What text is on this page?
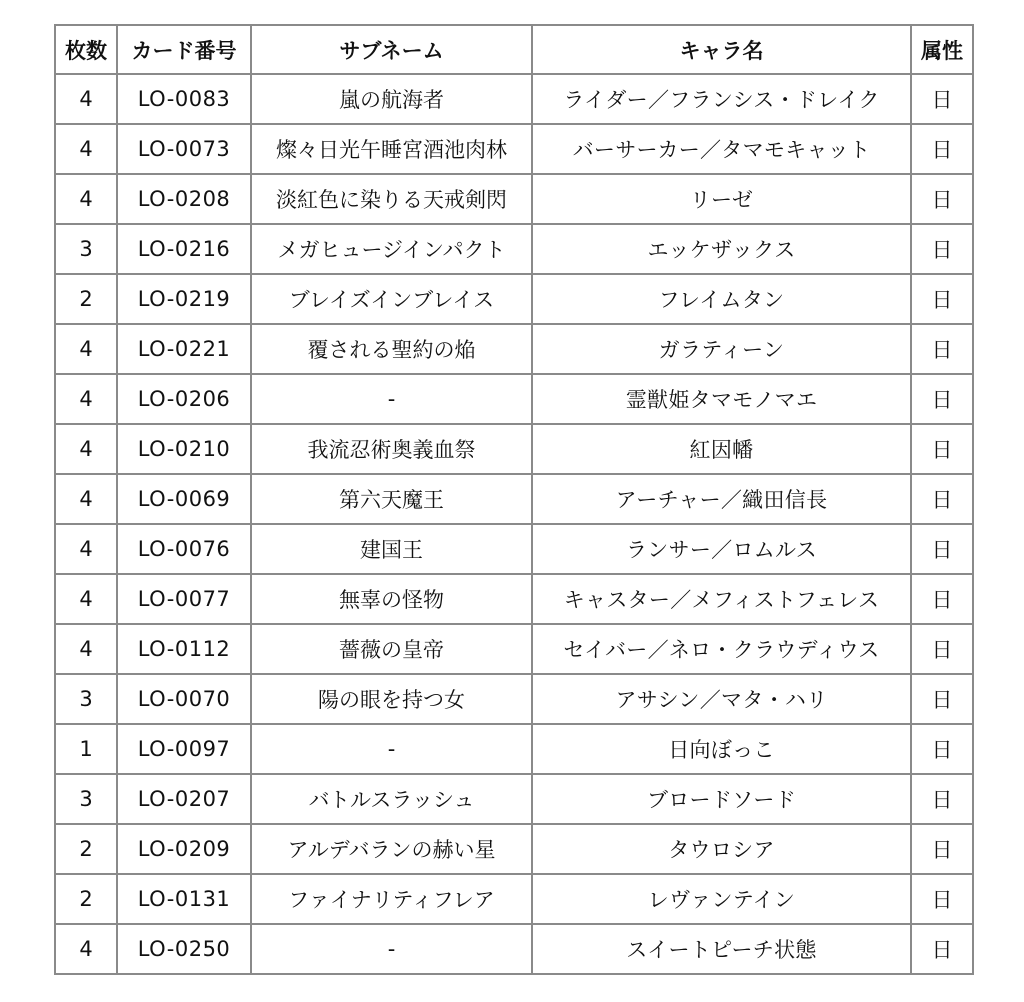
枚数	カード番号	サブネーム	キャラ名	属性
4	LO-0083	嵐の航海者	ライダー／フランシス・ドレイク	日
4	LO-0073	燦々日光午睡宮酒池肉林	バーサーカー／タマモキャット	日
4	LO-0208	淡紅色に染りる天戒剣閃	リーゼ	日
3	LO-0216	メガヒュージインパクト	エッケザックス	日
2	LO-0219	ブレイズインブレイス	フレイムタン	日
4	LO-0221	覆される聖約の焔	ガラティーン	日
4	LO-0206	-	霊獣姫タマモノマエ	日
4	LO-0210	我流忍術奥義血祭	紅因幡	日
4	LO-0069	第六天魔王	アーチャー／織田信長	日
4	LO-0076	建国王	ランサー／ロムルス	日
4	LO-0077	無辜の怪物	キャスター／メフィストフェレス	日
4	LO-0112	薔薇の皇帝	セイバー／ネロ・クラウディウス	日
3	LO-0070	陽の眼を持つ女	アサシン／マタ・ハリ	日
1	LO-0097	-	日向ぼっこ	日
3	LO-0207	バトルスラッシュ	ブロードソード	日
2	LO-0209	アルデバランの赫い星	タウロシア	日
2	LO-0131	ファイナリティフレア	レヴァンテイン	日
4	LO-0250	-	スイートピーチ状態	日
